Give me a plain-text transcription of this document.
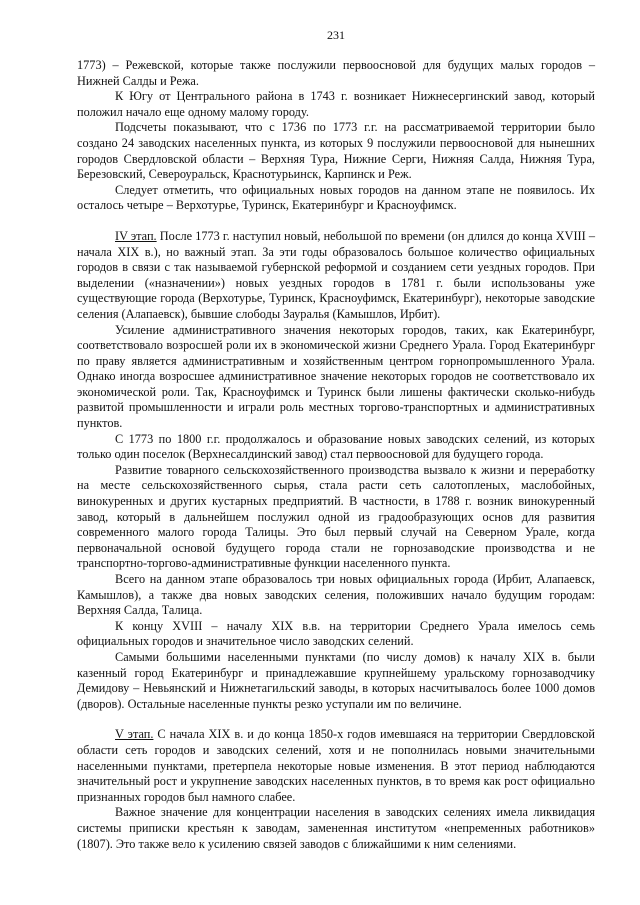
231

1773) – Режевской, которые также послужили первоосновой для будущих малых городов – Нижней Салды и Режа.

К Югу от Центрального района в 1743 г. возникает Нижнесергинский завод, который положил начало еще одному малому городу.

Подсчеты показывают, что с 1736 по 1773 г.г. на рассматриваемой территории было создано 24 заводских населенных пункта, из которых 9 послужили первоосновой для нынешних городов Свердловской области – Верхняя Тура, Нижние Серги, Нижняя Салда, Нижняя Тура, Березовский, Североуральск, Краснотурьинск, Карпинск и Реж.

Следует отметить, что официальных новых городов на данном этапе не появилось. Их осталось четыре – Верхотурье, Туринск, Екатеринбург и Красноуфимск.

IV этап. После 1773 г. наступил новый, небольшой по времени (он длился до конца XVIII – начала XIX в.), но важный этап. За эти годы образовалось большое количество официальных городов в связи с так называемой губернской реформой и созданием сети уездных городов. При выделении («назначении») новых уездных городов в 1781 г. были использованы уже существующие города (Верхотурье, Туринск, Красноуфимск, Екатеринбург), некоторые заводские селения (Алапаевск), бывшие слободы Зауралья (Камышлов, Ирбит).

Усиление административного значения некоторых городов, таких, как Екатеринбург, соответствовало возросшей роли их в экономической жизни Среднего Урала. Город Екатеринбург по праву является административным и хозяйственным центром горнопромышленного Урала. Однако иногда возросшее административное значение некоторых городов не соответствовало их экономической роли. Так, Красноуфимск и Туринск были лишены фактически сколько-нибудь развитой промышленности и играли роль местных торгово-транспортных и административных пунктов.

С 1773 по 1800 г.г. продолжалось и образование новых заводских селений, из которых только один поселок (Верхнесалдинский завод) стал первоосновой для будущего города.

Развитие товарного сельскохозяйственного производства вызвало к жизни и переработку на месте сельскохозяйственного сырья, стала расти сеть салотопленых, маслобойных, винокуренных и других кустарных предприятий. В частности, в 1788 г. возник винокуренный завод, который в дальнейшем послужил одной из градообразующих основ для развития современного малого города Талицы. Это был первый случай на Северном Урале, когда первоначальной основой будущего города стали не горнозаводские производства и не транспортно-торгово-административные функции населенного пункта.

Всего на данном этапе образовалось три новых официальных города (Ирбит, Алапаевск, Камышлов), а также два новых заводских селения, положивших начало будущим городам: Верхняя Салда, Талица.

К концу XVIII – началу XIX в.в. на территории Среднего Урала имелось семь официальных городов и значительное число заводских селений.

Самыми большими населенными пунктами (по числу домов) к началу XIX в. были казенный город Екатеринбург и принадлежавшие крупнейшему уральскому горнозаводчику Демидову – Невьянский и Нижнетагильский заводы, в которых насчитывалось более 1000 домов (дворов). Остальные населенные пункты резко уступали им по величине.

V этап. С начала XIX в. и до конца 1850-х годов имевшаяся на территории Свердловской области сеть городов и заводских селений, хотя и не пополнилась новыми значительными населенными пунктами, претерпела некоторые новые изменения. В этот период наблюдаются значительный рост и укрупнение заводских населенных пунктов, в то время как рост официально признанных городов был намного слабее.

Важное значение для концентрации населения в заводских селениях имела ликвидация системы приписки крестьян к заводам, замененная институтом «непременных работников» (1807). Это также вело к усилению связей заводов с ближайшими к ним селениями.
